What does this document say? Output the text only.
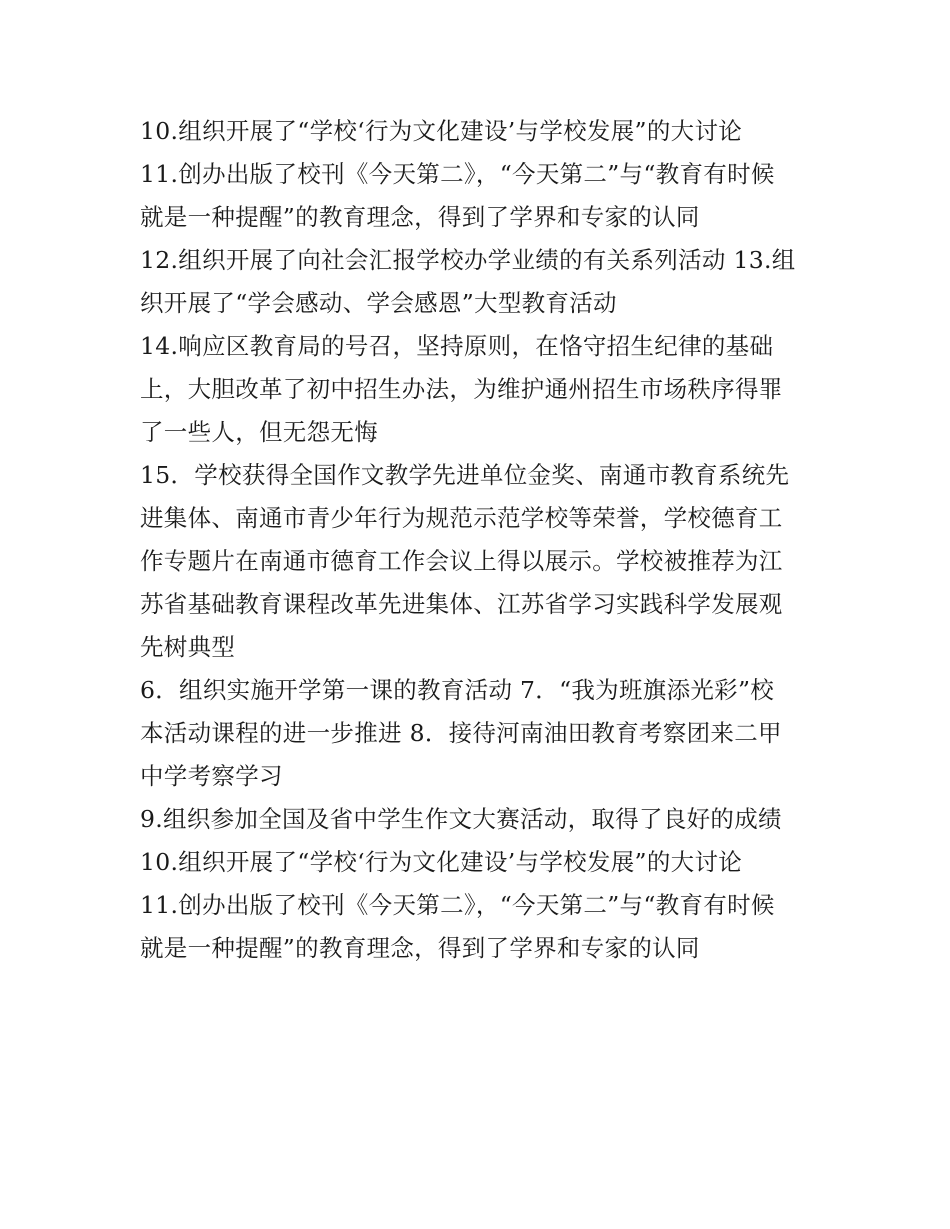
10.组织开展了“学校‘行为文化建设’与学校发展”的大讨论
11.创办出版了校刊《今天第二》，“今天第二”与“教育有时候
就是一种提醒”的教育理念，得到了学界和专家的认同
12.组织开展了向社会汇报学校办学业绩的有关系列活动 13.组
织开展了“学会感动、学会感恩”大型教育活动
14.响应区教育局的号召，坚持原则，在恪守招生纪律的基础
上，大胆改革了初中招生办法，为维护通州招生市场秩序得罪
了一些人，但无怨无悔
15．学校获得全国作文教学先进单位金奖、南通市教育系统先
进集体、南通市青少年行为规范示范学校等荣誉，学校德育工
作专题片在南通市德育工作会议上得以展示。学校被推荐为江
苏省基础教育课程改革先进集体、江苏省学习实践科学发展观
先树典型
6．组织实施开学第一课的教育活动 7．“我为班旗添光彩”校
本活动课程的进一步推进 8．接待河南油田教育考察团来二甲
中学考察学习
9.组织参加全国及省中学生作文大赛活动，取得了良好的成绩
10.组织开展了“学校‘行为文化建设’与学校发展”的大讨论
11.创办出版了校刊《今天第二》，“今天第二”与“教育有时候
就是一种提醒”的教育理念，得到了学界和专家的认同
